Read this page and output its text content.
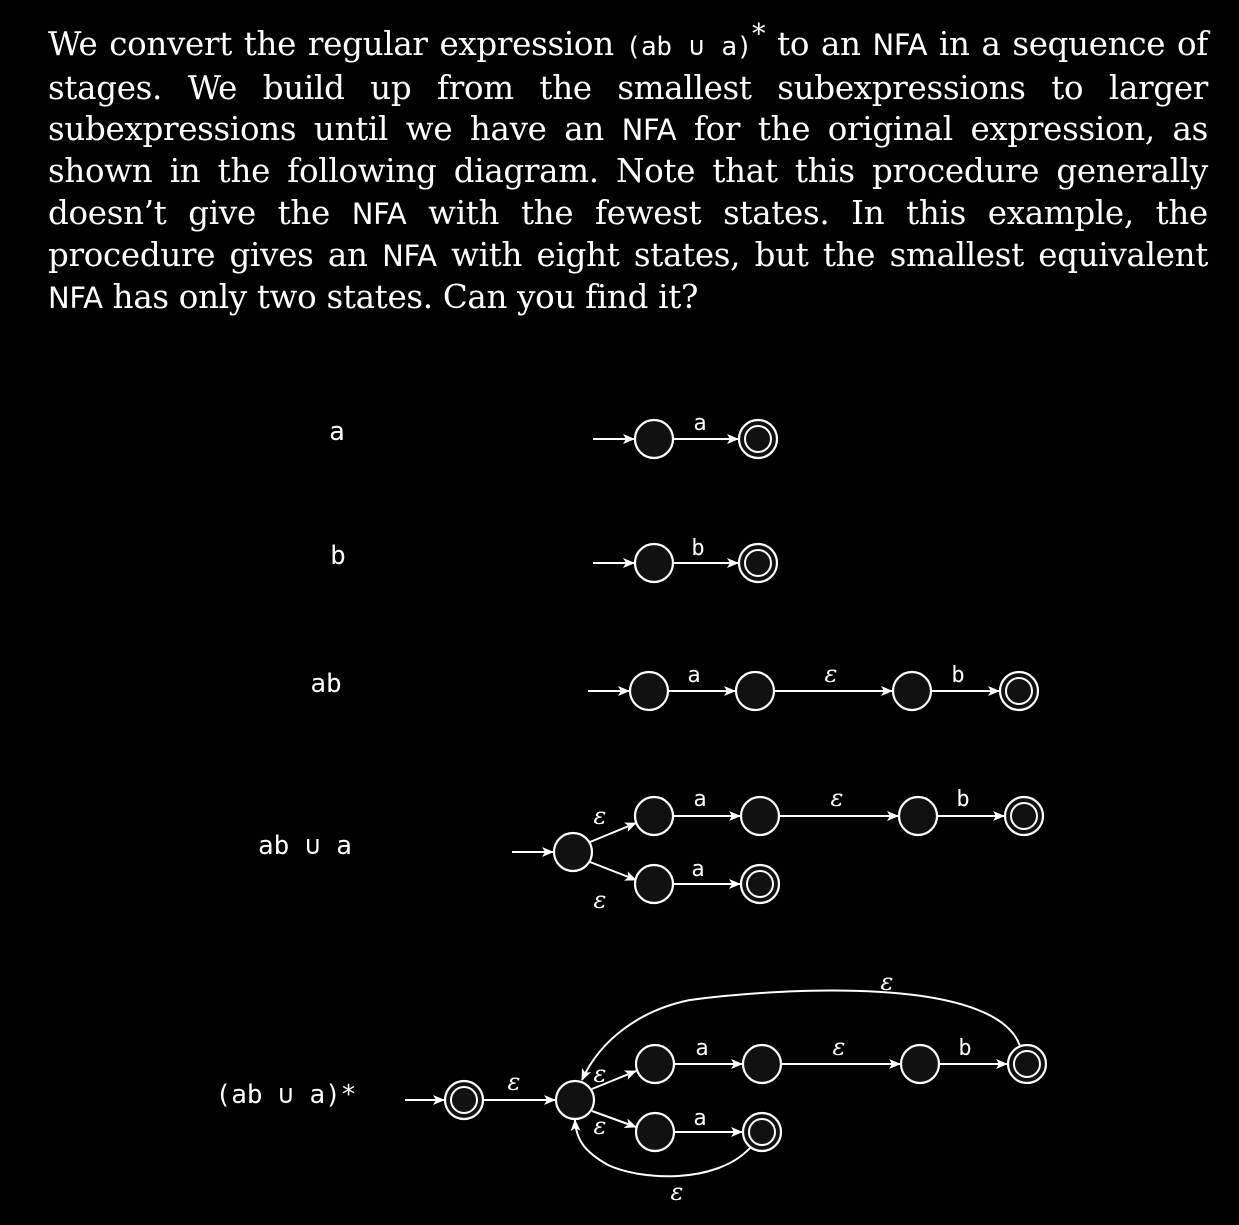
We convert the regular expression (ab ∪ a)* to an NFA in a sequence of stages. We build up from the smallest subexpressions to larger subexpressions until we have an NFA for the original expression, as shown in the following diagram. Note that this procedure generally doesn’t give the NFA with the fewest states. In this example, the procedure gives an NFA with eight states, but the smallest equivalent NFA has only two states. Can you find it?
a	a
b	b
ab	a	ε	b
ab ∪ a
ε
ε
a	ε	b
a
(ab ∪ a)*	ε	ε
ε
a	ε	b
a
ε
ε
